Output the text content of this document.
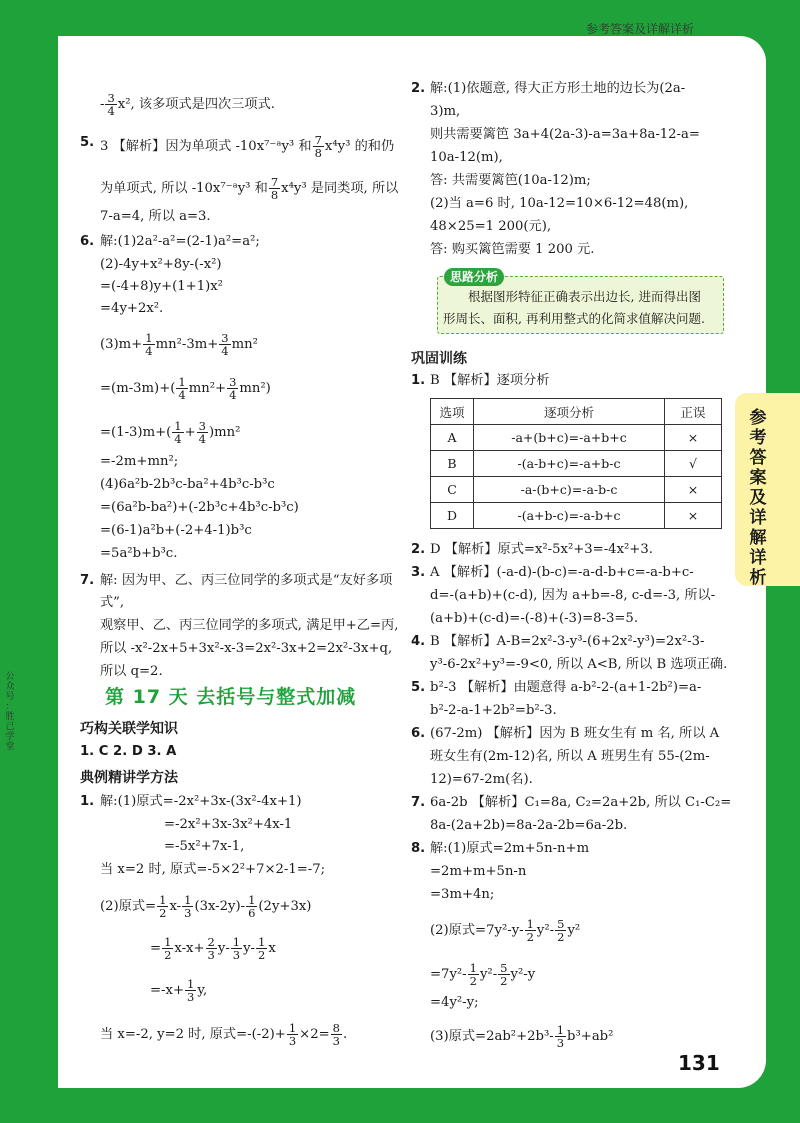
参考答案及详解详析
参
考
答
案
及
详
解
详
析
公
众
号
：
胜
己
学
堂
131
- $\frac{3}{4} x^2$, 该多项式是四次三项式.
5. 3 【解析】因为单项式 -10x⁷⁻ᵃy³ 和 $\frac{7}{8} x^4y^3$ 的和仍
为单项式, 所以 -10x⁷⁻ᵃy³ 和 $\frac{7}{8} x^4y^3$ 是同类项, 所以
7-a=4, 所以 a=3.
6. 解:(1)2a²-a²=(2-1)a²=a²;
(2)-4y+x²+8y-(-x²)
=(-4+8)y+(1+1)x²
=4y+2x².
$(3)m+ \frac{1}{4} mn^2-3m+ \frac{3}{4} mn^2$
$=(m-3m)+( \frac{1}{4} mn^2+ \frac{3}{4} mn^2)$
$=(1-3)m+( \frac{1}{4} + \frac{3}{4} )mn^2$
=-2m+mn²;
(4)6a²b-2b³c-ba²+4b³c-b³c
=(6a²b-ba²)+(-2b³c+4b³c-b³c)
=(6-1)a²b+(-2+4-1)b³c
=5a²b+b³c.
7. 解: 因为甲、乙、丙三位同学的多项式是“友好多项
式”,
观察甲、乙、丙三位同学的多项式, 满足甲+乙=丙,
所以 -x²-2x+5+3x²-x-3=2x²-3x+2=2x²-3x+q,
所以 q=2.
第 17 天 去括号与整式加减
巧构关联学知识
1. C 2. D 3. A
典例精讲学方法
1. 解:(1)原式=-2x²+3x-(3x²-4x+1)
=-2x²+3x-3x²+4x-1
=-5x²+7x-1,
当 x=2 时, 原式=-5×2²+7×2-1=-7;
(2)原式= $\frac{1}{2} x- \frac{1}{3} (3x-2y)- \frac{1}{6} (2y+3x)$
= $\frac{1}{2} x-x+ \frac{2}{3} y- \frac{1}{3} y- \frac{1}{2}$ x
$=-x+ \frac{1}{3} y$,
当 x=-2, y=2 时, 原式$=-(-2)+ \frac{1}{3} \times 2= \frac{8}{3}$ .
2. 解:(1)依题意, 得大正方形土地的边长为(2a-
3)m,
则共需要篱笆 3a+4(2a-3)-a=3a+8a-12-a=
10a-12(m),
答: 共需要篱笆(10a-12)m;
(2)当 a=6 时, 10a-12=10×6-12=48(m),
48×25=1 200(元),
答: 购买篱笆需要 1 200 元.
思路分析
根据图形特征正确表示出边长, 进而得出图
形周长、面积, 再利用整式的化简求值解决问题.
巩固训练
1. B 【解析】逐项分析
选项	逐项分析	正误
A	-a+(b+c)=-a+b+c	×
B	-(a-b+c)=-a+b-c	√
C	-a-(b+c)=-a-b-c	×
D	-(a+b-c)=-a-b+c	×
2. D 【解析】原式=x²-5x²+3=-4x²+3.
3. A 【解析】(-a-d)-(b-c)=-a-d-b+c=-a-b+c-
d=-(a+b)+(c-d), 因为 a+b=-8, c-d=-3, 所以-
(a+b)+(c-d)=-(-8)+(-3)=8-3=5.
4. B 【解析】A-B=2x²-3-y³-(6+2x²-y³)=2x²-3-
y³-6-2x²+y³=-9<0, 所以 A<B, 所以 B 选项正确.
5. b²-3 【解析】由题意得 a-b²-2-(a+1-2b²)=a-
b²-2-a-1+2b²=b²-3.
6. (67-2m) 【解析】因为 B 班女生有 m 名, 所以 A
班女生有(2m-12)名, 所以 A 班男生有 55-(2m-
12)=67-2m(名).
7. 6a-2b 【解析】C₁=8a, C₂=2a+2b, 所以 C₁-C₂=
8a-(2a+2b)=8a-2a-2b=6a-2b.
8. 解:(1)原式=2m+5n-n+m
=2m+m+5n-n
=3m+4n;
(2)原式$=7y^2-y- \frac{1}{2} y^2- \frac{5}{2} y^2$
$=7y^2- \frac{1}{2} y^2- \frac{5}{2} y^2-y$
=4y²-y;
(3)原式$=2ab^2+2b^3- \frac{1}{3} b^3+ab^2$
